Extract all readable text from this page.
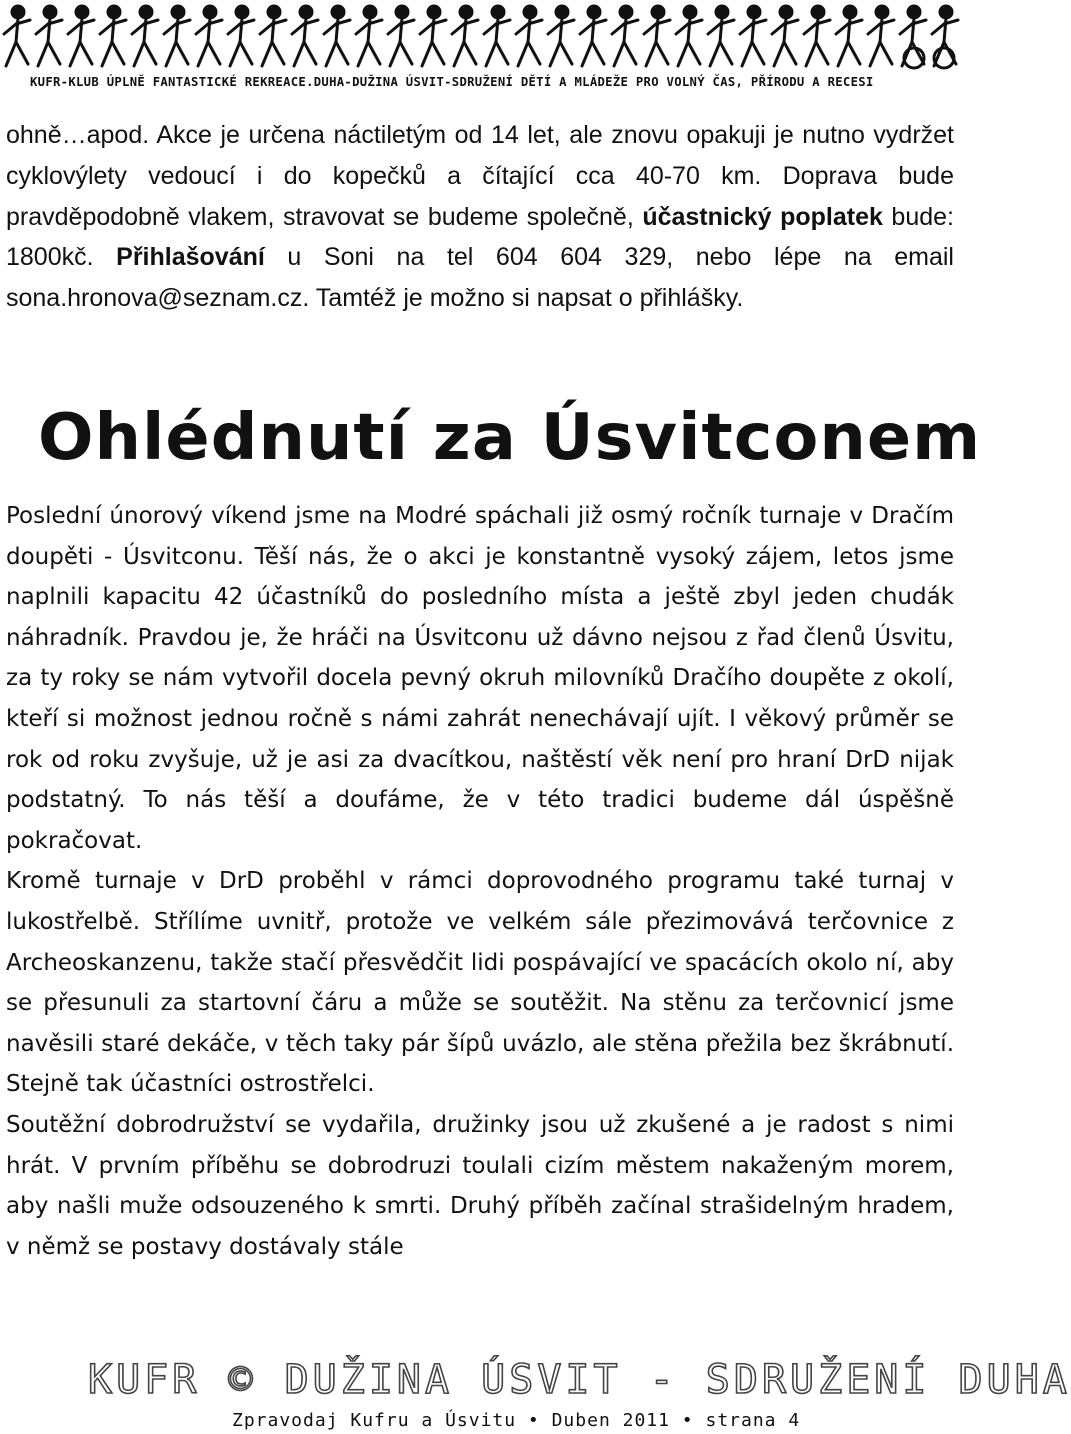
KUFR-KLUB ÚPLNĚ FANTASTICKÉ REKREACE.DUHA-DUŽINA ÚSVIT-SDRUŽENÍ DĚTÍ A MLÁDEŽE PRO VOLNÝ ČAS, PŘÍRODU A RECESI

ohně…apod. Akce je určena náctiletým od 14 let, ale znovu opakuji je nutno vydržet cyklovýlety vedoucí i do kopečků a čítající cca 40-70 km. Doprava bude pravděpodobně vlakem, stravovat se budeme společně, účastnický poplatek bude: 1800kč. Přihlašování u Soni na tel 604 604 329, nebo lépe na email sona.hronova@seznam.cz. Tamtéž je možno si napsat o přihlášky.

Ohlédnutí za Úsvitconem

Poslední únorový víkend jsme na Modré spáchali již osmý ročník turnaje v Dračím doupěti - Úsvitconu. Těší nás, že o akci je konstantně vysoký zájem, letos jsme naplnili kapacitu 42 účastníků do posledního místa a ještě zbyl jeden chudák náhradník. Pravdou je, že hráči na Úsvitconu už dávno nejsou z řad členů Úsvitu, za ty roky se nám vytvořil docela pevný okruh milovníků Dračího doupěte z okolí, kteří si možnost jednou ročně s námi zahrát nenechávají ujít. I věkový průměr se rok od roku zvyšuje, už je asi za dvacítkou, naštěstí věk není pro hraní DrD nijak podstatný. To nás těší a doufáme, že v této tradici budeme dál úspěšně pokračovat.

Kromě turnaje v DrD proběhl v rámci doprovodného programu také turnaj v lukostřelbě. Střílíme uvnitř, protože ve velkém sále přezimovává terčovnice z Archeoskanzenu, takže stačí přesvědčit lidi pospávající ve spacácích okolo ní, aby se přesunuli za startovní čáru a může se soutěžit. Na stěnu za terčovnicí jsme navěsili staré dekáče, v těch taky pár šípů uvázlo, ale stěna přežila bez škrábnutí. Stejně tak účastníci ostrostřelci.

Soutěžní dobrodružství se vydařila, družinky jsou už zkušené a je radost s nimi hrát. V prvním příběhu se dobrodruzi toulali cizím městem nakaženým morem, aby našli muže odsouzeného k smrti. Druhý příběh začínal strašidelným hradem, v němž se postavy dostávaly stále

KUFR © DUŽINA ÚSVIT - SDRUŽENÍ DUHA
Zpravodaj Kufru a Úsvitu • Duben 2011 • strana 4
